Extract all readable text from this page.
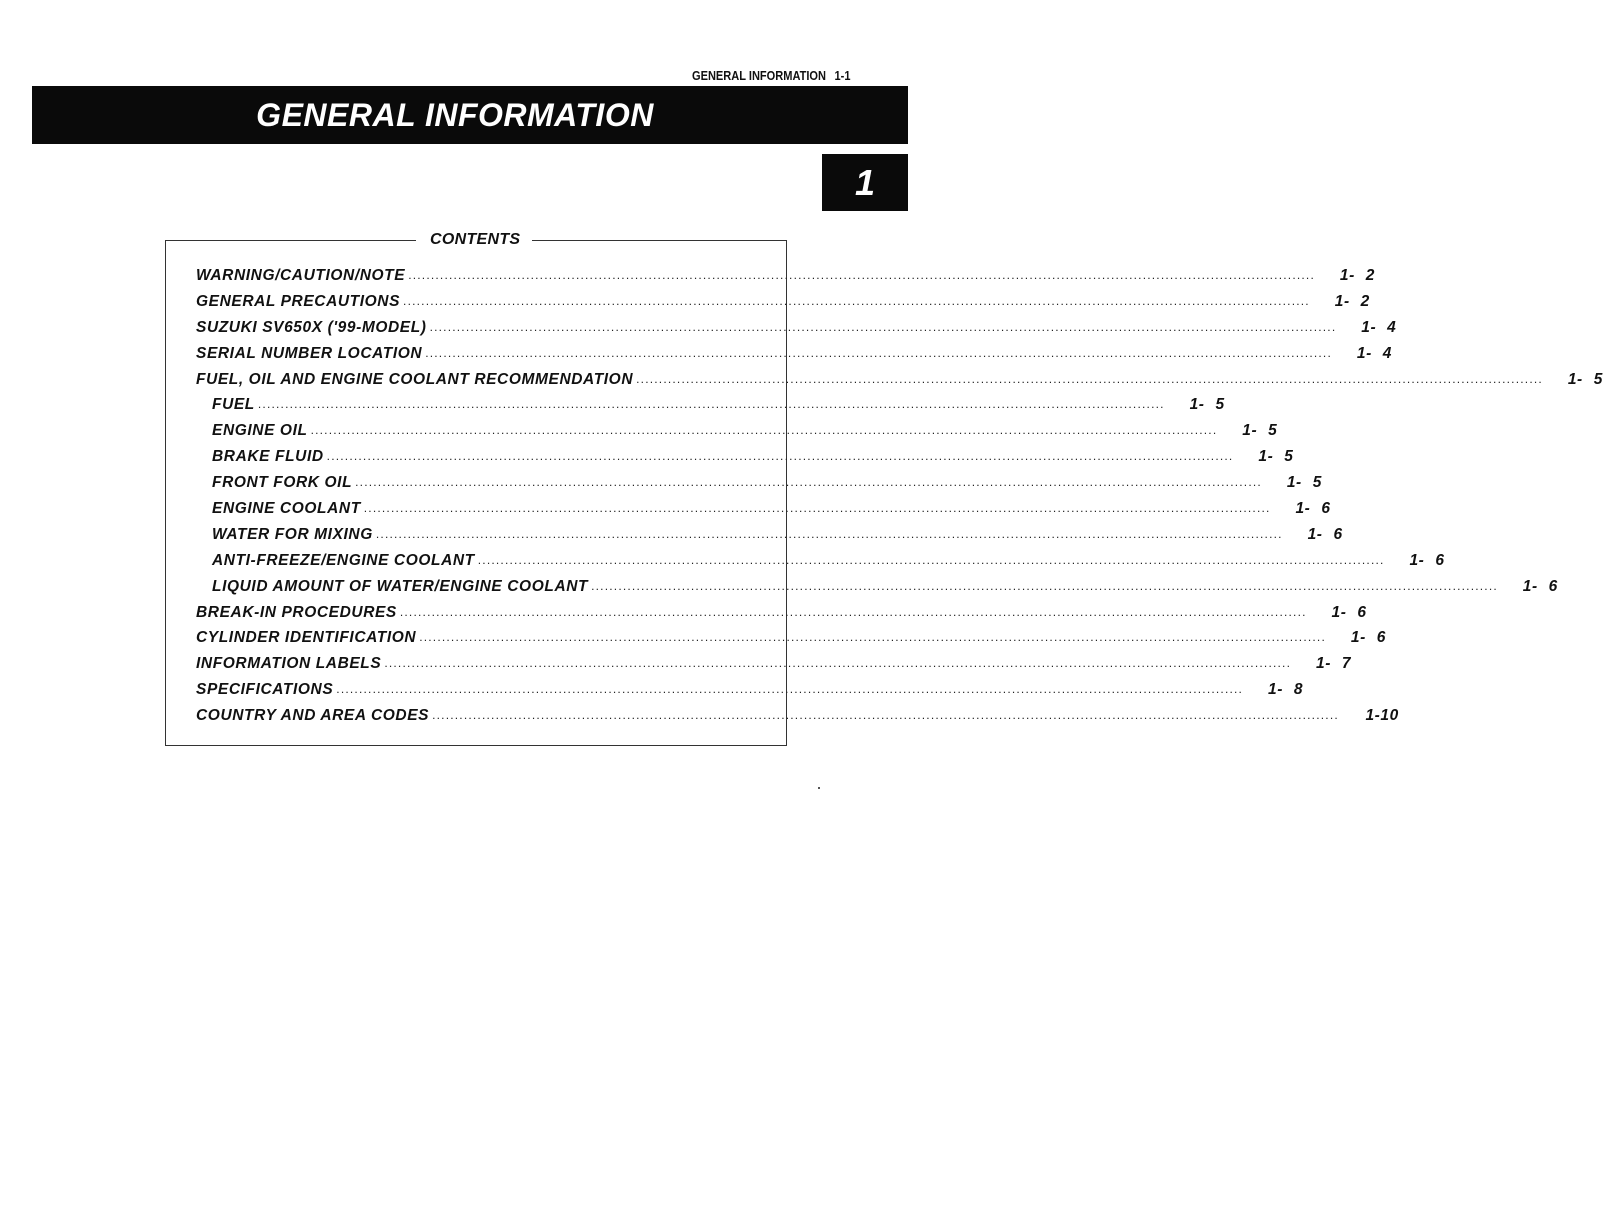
GENERAL INFORMATION 1-1
GENERAL INFORMATION
1
CONTENTS
WARNING/CAUTION/NOTE ........................................................................................................................................................................................................	1- 2
GENERAL PRECAUTIONS ........................................................................................................................................................................................................	1- 2
SUZUKI SV650X ('99-MODEL) ........................................................................................................................................................................................................	1- 4
SERIAL NUMBER LOCATION ........................................................................................................................................................................................................	1- 4
FUEL, OIL AND ENGINE COOLANT RECOMMENDATION ........................................................................................................................................................................................................	1- 5
FUEL ........................................................................................................................................................................................................	1- 5
ENGINE OIL ........................................................................................................................................................................................................	1- 5
BRAKE FLUID ........................................................................................................................................................................................................	1- 5
FRONT FORK OIL ........................................................................................................................................................................................................	1- 5
ENGINE COOLANT ........................................................................................................................................................................................................	1- 6
WATER FOR MIXING ........................................................................................................................................................................................................	1- 6
ANTI-FREEZE/ENGINE COOLANT ........................................................................................................................................................................................................	1- 6
LIQUID AMOUNT OF WATER/ENGINE COOLANT ........................................................................................................................................................................................................	1- 6
BREAK-IN PROCEDURES ........................................................................................................................................................................................................	1- 6
CYLINDER IDENTIFICATION ........................................................................................................................................................................................................	1- 6
INFORMATION LABELS ........................................................................................................................................................................................................	1- 7
SPECIFICATIONS ........................................................................................................................................................................................................	1- 8
COUNTRY AND AREA CODES ........................................................................................................................................................................................................	1-10
